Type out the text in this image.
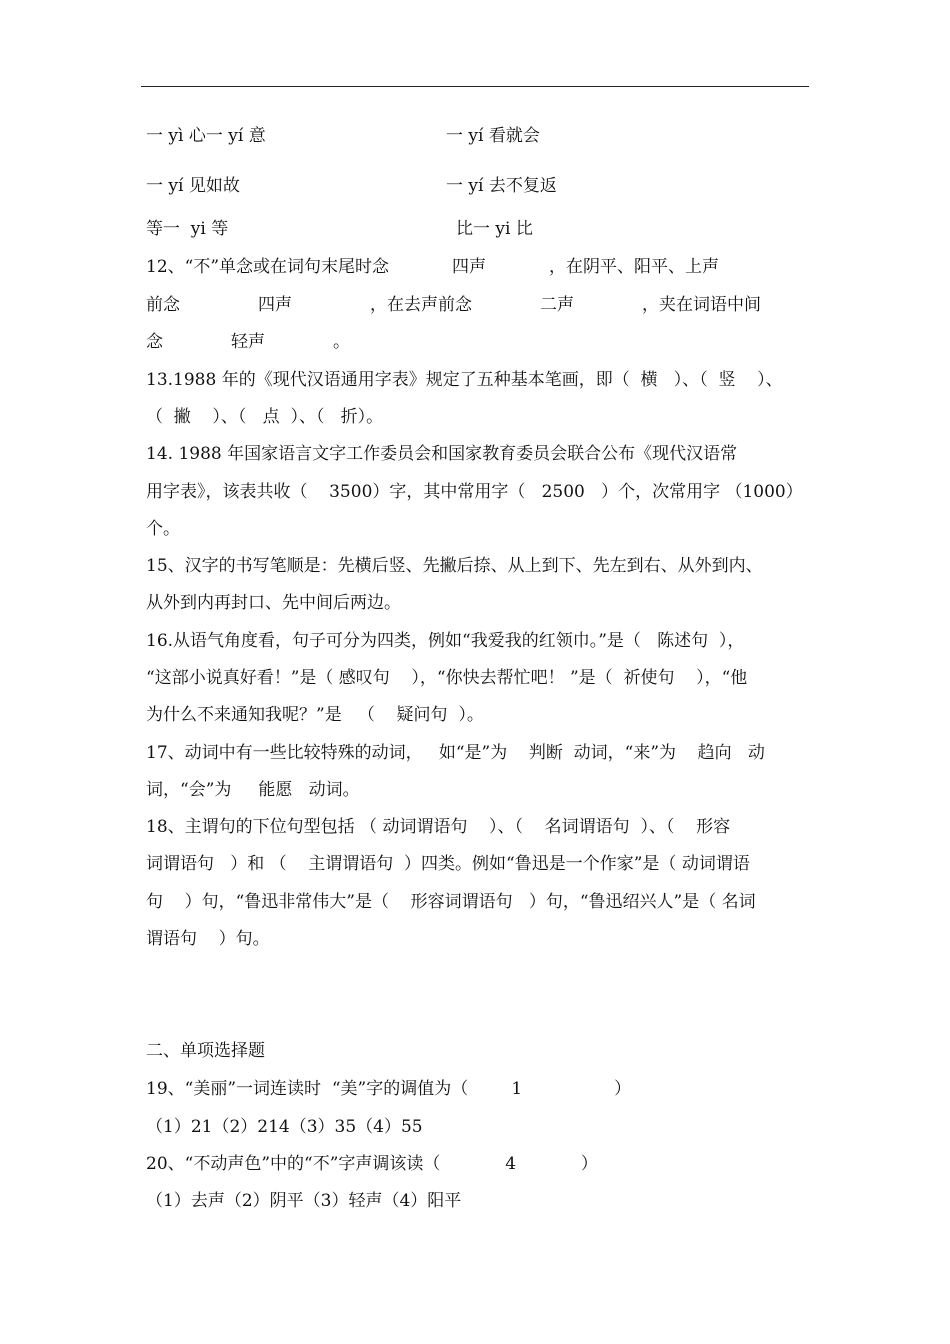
一 yì 心一 yí 意	一 yí 看就会
一 yí 见如故	一 yí 去不复返
等一  yi 等	比一 yi 比
12、“不”单念或在词句末尾时念	四声	，在阴平、阳平、上声
前念	四声	，在去声前念	二声	，夹在词语中间
念	轻声	。
13.1988 年的《现代汉语通用字表》规定了五种基本笔画，即（  横   ）、（  竖    ）、
（  撇    ）、（   点  ）、（   折）。
14. 1988 年国家语言文字工作委员会和国家教育委员会联合公布《现代汉语常
用字表》，该表共收（    3500）字，其中常用字（   2500   ）个，次常用字 （1000）
个。
15、汉字的书写笔顺是：先横后竖、先撇后捺、从上到下、先左到右、从外到内、
从外到内再封口、先中间后两边。
16.从语气角度看，句子可分为四类，例如“我爱我的红领巾。”是（   陈述句  ），
“这部小说真好看！”是（ 感叹句    ），“你快去帮忙吧！ ”是（  祈使句    ），“他
为什么不来通知我呢？”是   （    疑问句  ）。
17、动词中有一些比较特殊的动词，   如“是”为    判断  动词，“来”为    趋向   动
词，“会”为     能愿   动词。
18、主谓句的下位句型包括 （ 动词谓语句    ）、（    名词谓语句  ）、（    形容
词谓语句   ）和 （    主谓谓语句  ）四类。例如“鲁迅是一个作家”是（ 动词谓语
句    ）句，“鲁迅非常伟大”是（    形容词谓语句   ）句，“鲁迅绍兴人”是（ 名词
谓语句    ）句。
二、单项选择题
19、“美丽”一词连读时  “美”字的调值为（        1                 ）
（1）21（2）214（3）35（4）55
20、“不动声色”中的“不”字声调该读（            4            ）
（1）去声（2）阴平（3）轻声（4）阳平
